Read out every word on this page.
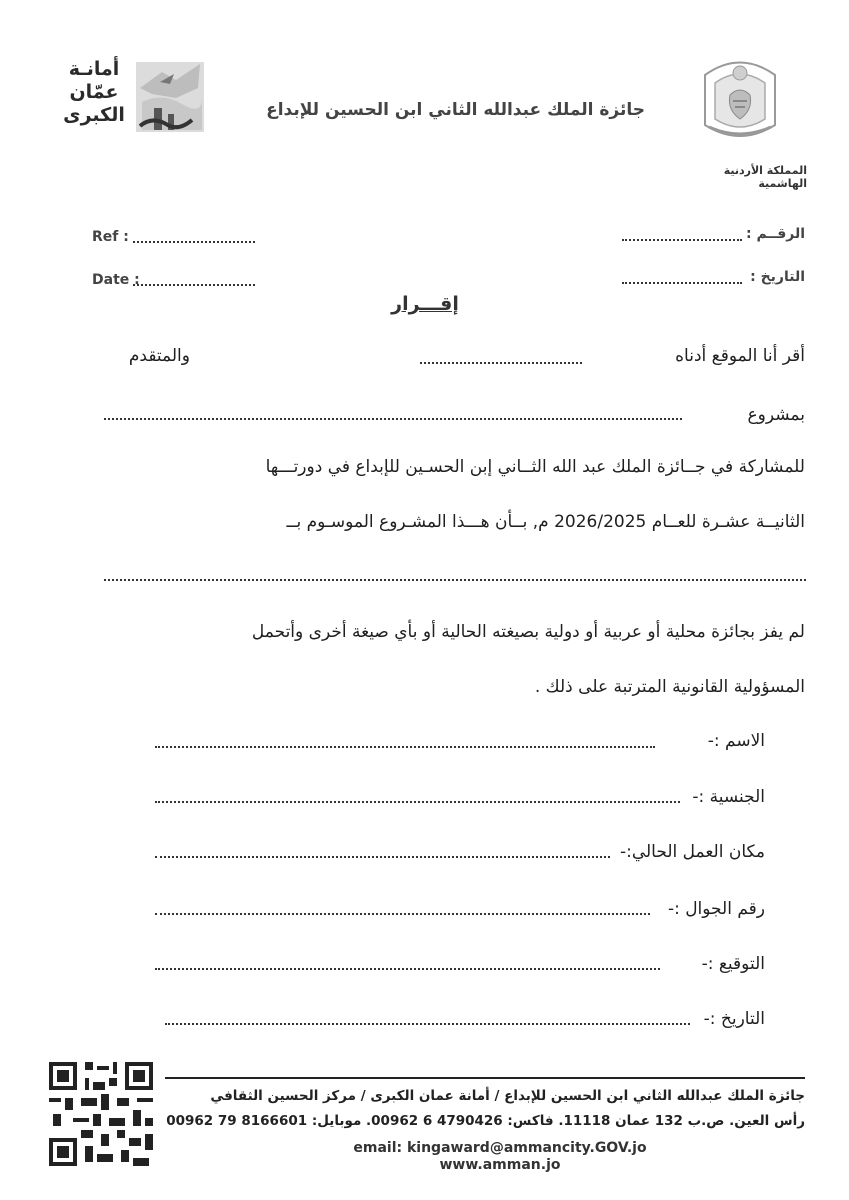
أمانـة
عمّان
الكبرى	جائزة الملك عبدالله الثاني ابن الحسين للإبداع
المملكة الأردنية الهاشمية
Ref :
Date :
الرقــم :
التاريخ :
إقـــرار
أقر أنا الموقع أدناه
والمتقدم
بمشروع
للمشاركة في جــائزة الملك عبد الله الثــاني إبن الحسـين للإبداع في دورتـــها
الثانيــة عشـرة للعــام 2026/2025 م, بــأن هـــذا المشـروع الموسـوم بــ
لم يفز بجائزة محلية أو عربية أو دولية بصيغته الحالية أو بأي صيغة أخرى وأتحمل
المسؤولية القانونية المترتبة على ذلك .
الاسم :-
الجنسية :-
مكان العمل الحالي:-
رقم الجوال :-
التوقيع :-
التاريخ :-
جائزة الملك عبدالله الثاني ابن الحسين للإبداع / أمانة عمان الكبرى / مركز الحسين الثقافي
رأس العين. ص.ب 132 عمان 11118. فاكس: 4790426 6 00962. موبايل: 8166601 79 00962
email: kingaward@ammancity.GOV.jo
www.amman.jo
